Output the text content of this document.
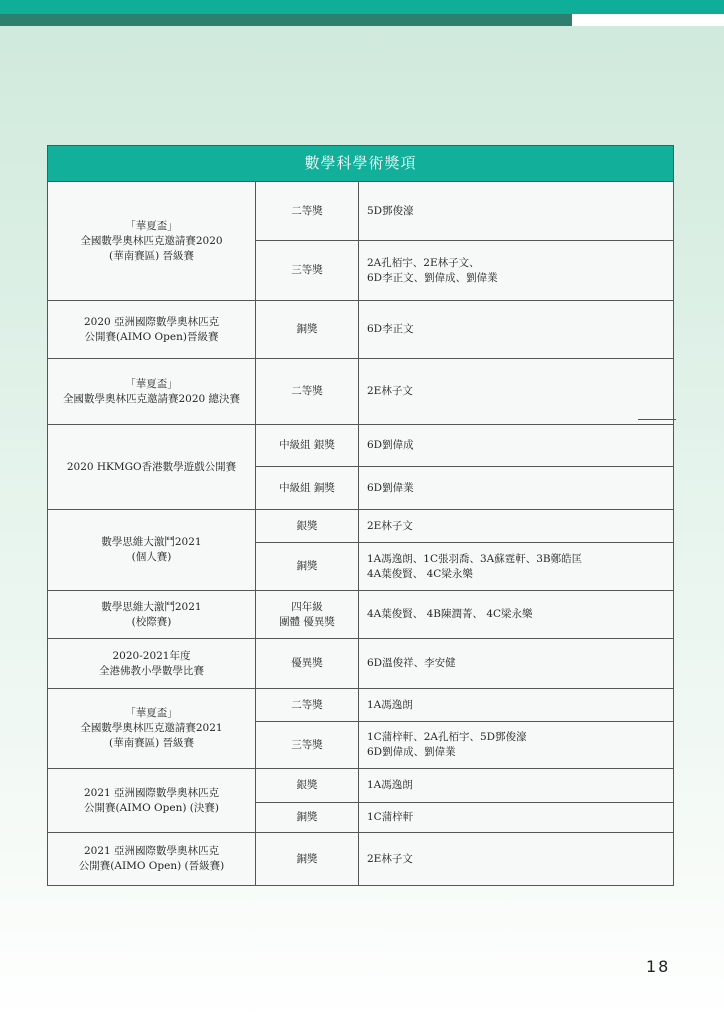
數學科學術獎項		
「華夏盃」
全國數學奧林匹克邀請賽2020
(華南賽區) 晉級賽	二等獎	5D鄧俊濠
	三等獎	2A孔栢宇、2E林子文、
6D李正文、劉偉成、劉偉業
2020 亞洲國際數學奧林匹克
公開賽(AIMO Open)晉級賽	銅獎	6D李正文
「華夏盃」
全國數學奧林匹克邀請賽2020 總決賽	二等獎	2E林子文
2020 HKMGO香港數學遊戲公開賽	中級組 銀獎	6D劉偉成
	中級組 銅獎	6D劉偉業
數學思維大激鬥2021
(個人賽)	銀獎	2E林子文
	銅獎	1A馮逸朗、1C張羽喬、3A蘇霆軒、3B鄭皓匡
4A葉俊賢、 4C梁永樂
數學思維大激鬥2021
(校際賽)	四年級
團體 優異獎	4A葉俊賢、 4B陳潤菁、 4C梁永樂
2020-2021年度
全港佛教小學數學比賽	優異獎	6D溫俊祥、李安健
「華夏盃」
全國數學奧林匹克邀請賽2021
(華南賽區) 晉級賽	二等獎	1A馮逸朗
	三等獎	1C蒲梓軒、2A孔栢宇、5D鄧俊濠
6D劉偉成、劉偉業
2021 亞洲國際數學奧林匹克
公開賽(AIMO Open) (決賽)	銀獎	1A馮逸朗
	銅獎	1C蒲梓軒
2021 亞洲國際數學奧林匹克
公開賽(AIMO Open) (晉級賽)	銅獎	2E林子文
18
